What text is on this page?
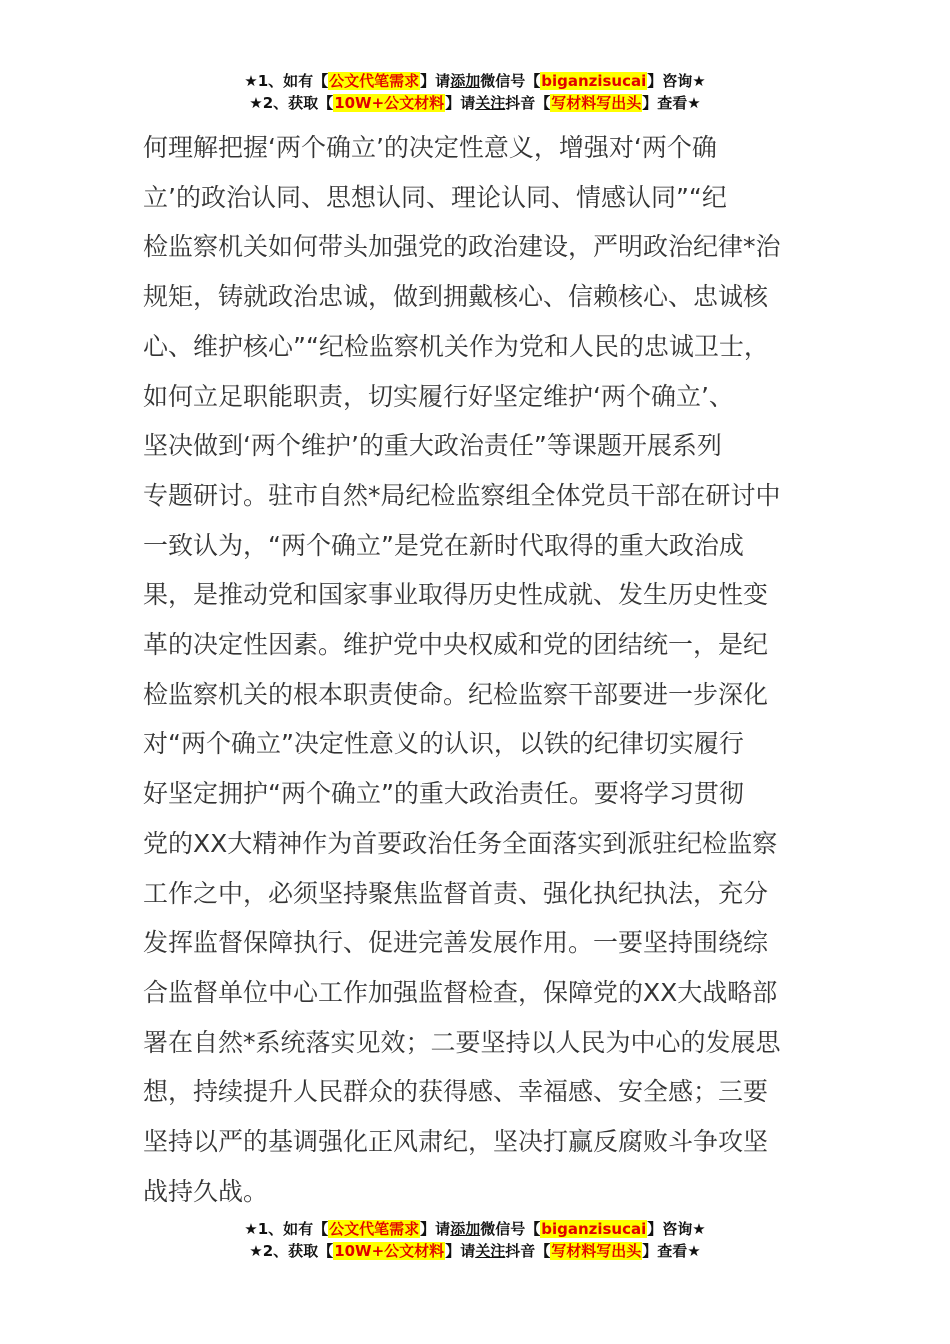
★1、如有【公文代笔需求】请添加微信号【biganzisucai】咨询★
★2、获取【10W+公文材料】请关注抖音【写材料写出头】查看★
何理解把握‘两个确立’的决定性意义，增强对‘两个确
立’的政治认同、思想认同、理论认同、情感认同”“纪
检监察机关如何带头加强党的政治建设，严明政治纪律*治
规矩，铸就政治忠诚，做到拥戴核心、信赖核心、忠诚核
心、维护核心”“纪检监察机关作为党和人民的忠诚卫士，
如何立足职能职责，切实履行好坚定维护‘两个确立’、
坚决做到‘两个维护’的重大政治责任”等课题开展系列
专题研讨。驻市自然*局纪检监察组全体党员干部在研讨中
一致认为，“两个确立”是党在新时代取得的重大政治成
果，是推动党和国家事业取得历史性成就、发生历史性变
革的决定性因素。维护党中央权威和党的团结统一，是纪
检监察机关的根本职责使命。纪检监察干部要进一步深化
对“两个确立”决定性意义的认识，以铁的纪律切实履行
好坚定拥护“两个确立”的重大政治责任。要将学习贯彻
党的XX大精神作为首要政治任务全面落实到派驻纪检监察
工作之中，必须坚持聚焦监督首责、强化执纪执法，充分
发挥监督保障执行、促进完善发展作用。一要坚持围绕综
合监督单位中心工作加强监督检查，保障党的XX大战略部
署在自然*系统落实见效；二要坚持以人民为中心的发展思
想，持续提升人民群众的获得感、幸福感、安全感；三要
坚持以严的基调强化正风肃纪，坚决打赢反腐败斗争攻坚
战持久战。
★1、如有【公文代笔需求】请添加微信号【biganzisucai】咨询★
★2、获取【10W+公文材料】请关注抖音【写材料写出头】查看★
